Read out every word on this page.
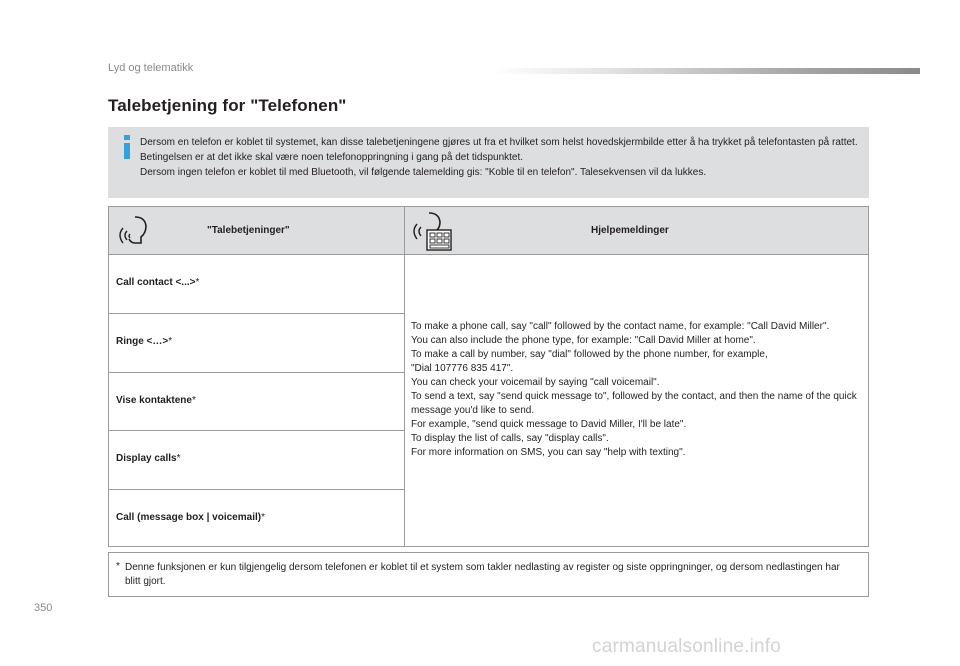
Lyd og telematikk
Talebetjening for "Telefonen"
Dersom en telefon er koblet til systemet, kan disse talebetjeningene gjøres ut fra et hvilket som helst hovedskjermbilde etter å ha trykket på telefontasten på rattet. Betingelsen er at det ikke skal være noen telefonoppringning i gang på det tidspunktet.
Dersom ingen telefon er koblet til med Bluetooth, vil følgende talemelding gis: "Koble til en telefon". Talesekvensen vil da lukkes.
"Talebetjeninger"	Hjelpemeldinger
Call contact <...>*
Ringe <…>*
Vise kontaktene*
Display calls*
Call (message box | voicemail)*
To make a phone call, say "call" followed by the contact name, for example: "Call David Miller".
You can also include the phone type, for example: "Call David Miller at home".
To make a call by number, say "dial" followed by the phone number, for example,
"Dial 107776 835 417".
You can check your voicemail by saying "call voicemail".
To send a text, say "send quick message to", followed by the contact, and then the name of the quick message you'd like to send.
For example, "send quick message to David Miller, I'll be late".
To display the list of calls, say "display calls".
For more information on SMS, you can say "help with texting".
* Denne funksjonen er kun tilgjengelig dersom telefonen er koblet til et system som takler nedlasting av register og siste oppringninger, og dersom nedlastingen har blitt gjort.
350
carmanualsonline.info
